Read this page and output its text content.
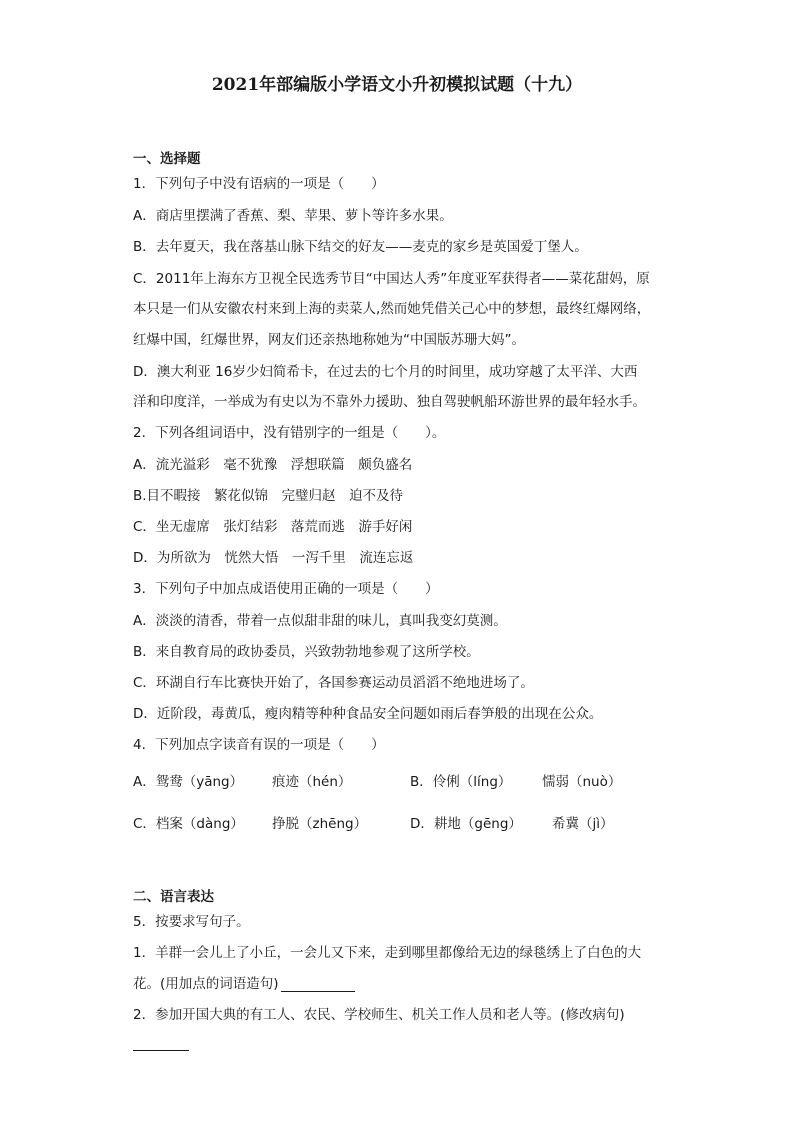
2021年部编版小学语文小升初模拟试题（十九）
一、选择题
1．下列句子中没有语病的一项是（　　）
A．商店里摆满了香蕉、梨、苹果、萝卜等许多水果。
B．去年夏天，我在落基山脉下结交的好友——麦克的家乡是英国爱丁堡人。
C．2011年上海东方卫视全民选秀节目“中国达人秀”年度亚军获得者——菜花甜妈，原
本只是一们从安徽农村来到上海的卖菜人,然而她凭借关己心中的梦想，最终红爆网络，
红爆中国，红爆世界，网友们还亲热地称她为“中国版苏珊大妈”。
D．澳大利亚 16岁少妇简希卡，在过去的七个月的时间里，成功穿越了太平洋、大西
洋和印度洋，一举成为有史以为不靠外力援助、独自驾驶帆船环游世界的最年轻水手。
2．下列各组词语中，没有错别字的一组是（　　）。
A．流光溢彩　毫不犹豫　浮想联篇　颇负盛名
B.目不暇接　繁花似锦　完璧归赵　迫不及待
C．坐无虚席　张灯结彩　落荒而逃　游手好闲
D．为所欲为　恍然大悟　一泻千里　流连忘返
3．下列句子中加点成语使用正确的一项是（　　）
A．淡淡的清香，带着一点似甜非甜的味儿，真叫我变幻莫测。
B．来自教育局的政协委员，兴致勃勃地参观了这所学校。
C．环湖自行车比赛快开始了，各国参赛运动员滔滔不绝地进场了。
D．近阶段，毒黄瓜，瘦肉精等种种食品安全问题如雨后春笋般的出现在公众。
4．下列加点字读音有误的一项是（　　）
A．鸳鸯（yāng） 痕迹（hén）	B．伶俐（líng） 懦弱（nuò）
C．档案（dàng） 挣脱（zhēng）	D．耕地（gēng） 希冀（jì）
二、语言表达
5．按要求写句子。
1．羊群一会儿上了小丘，一会儿又下来，走到哪里都像给无边的绿毯绣上了白色的大
花。(用加点的词语造句)
2．参加开国大典的有工人、农民、学校师生、机关工作人员和老人等。(修改病句)
